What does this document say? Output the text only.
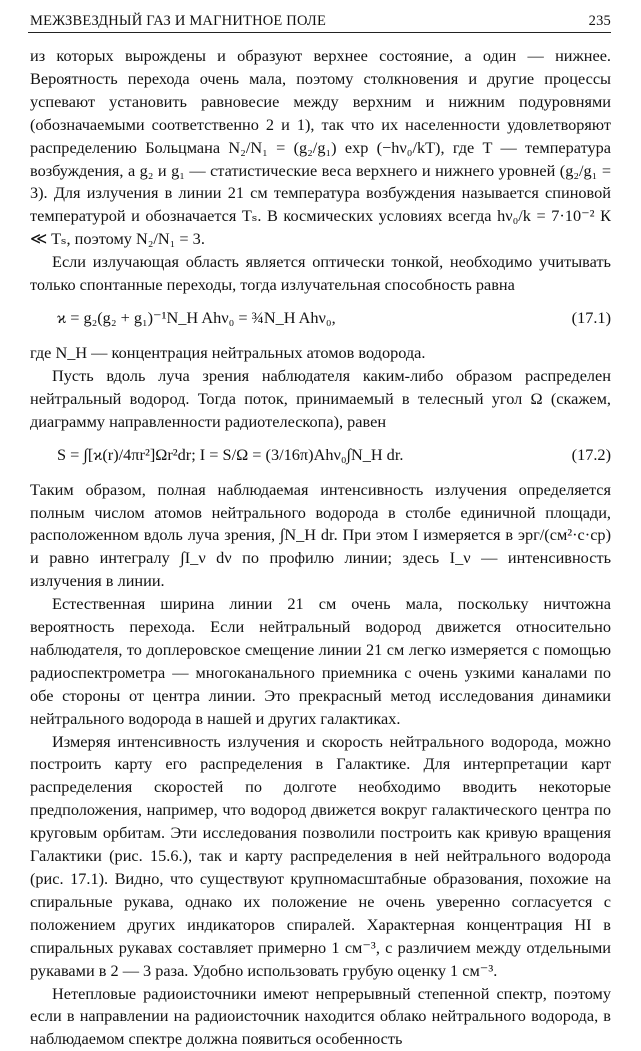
МЕЖЗВЕЗДНЫЙ ГАЗ И МАГНИТНОЕ ПОЛЕ	235

из которых вырождены и образуют верхнее состояние, а один — нижнее. Вероятность перехода очень мала, поэтому столкновения и другие процессы успевают установить равновесие между верхним и нижним подуровнями (обозначаемыми соответственно 2 и 1), так что их населенности удовлетворяют распределению Больцмана N₂/N₁ = (g₂/g₁) exp (−hν₀/kT), где T — температура возбуждения, а g₂ и g₁ — статистические веса верхнего и нижнего уровней (g₂/g₁ = 3). Для излучения в линии 21 см температура возбуждения называется спиновой температурой и обозначается Tₛ. В космических условиях всегда hν₀/k = 7·10⁻² К ≪ Tₛ, поэтому N₂/N₁ = 3.

Если излучающая область является оптически тонкой, необходимо учитывать только спонтанные переходы, тогда излучательная способность равна

ϰ = g₂(g₂ + g₁)⁻¹N_H Ahν₀ = ¾N_H Ahν₀,	(17.1)

где N_H — концентрация нейтральных атомов водорода.

Пусть вдоль луча зрения наблюдателя каким-либо образом распределен нейтральный водород. Тогда поток, принимаемый в телесный угол Ω (скажем, диаграмму направленности радиотелескопа), равен

S = ∫[ϰ(r)/4πr²]Ωr²dr; I = S/Ω = (3/16π)Ahν₀∫N_H dr.	(17.2)

Таким образом, полная наблюдаемая интенсивность излучения определяется полным числом атомов нейтрального водорода в столбе единичной площади, расположенном вдоль луча зрения, ∫N_H dr. При этом I измеряется в эрг/(см²·с·ср) и равно интегралу ∫I_ν dν по профилю линии; здесь I_ν — интенсивность излучения в линии.

Естественная ширина линии 21 см очень мала, поскольку ничтожна вероятность перехода. Если нейтральный водород движется относительно наблюдателя, то доплеровское смещение линии 21 см легко измеряется с помощью радиоспектрометра — многоканального приемника с очень узкими каналами по обе стороны от центра линии. Это прекрасный метод исследования динамики нейтрального водорода в нашей и других галактиках.

Измеряя интенсивность излучения и скорость нейтрального водорода, можно построить карту его распределения в Галактике. Для интерпретации карт распределения скоростей по долготе необходимо вводить некоторые предположения, например, что водород движется вокруг галактического центра по круговым орбитам. Эти исследования позволили построить как кривую вращения Галактики (рис. 15.6.), так и карту распределения в ней нейтрального водорода (рис. 17.1). Видно, что существуют крупномасштабные образования, похожие на спиральные рукава, однако их положение не очень уверенно согласуется с положением других индикаторов спиралей. Характерная концентрация HI в спиральных рукавах составляет примерно 1 см⁻³, с различием между отдельными рукавами в 2 — 3 раза. Удобно использовать грубую оценку 1 см⁻³.

Нетепловые радиоисточники имеют непрерывный степенной спектр, поэтому если в направлении на радиоисточник находится облако нейтрального водорода, в наблюдаемом спектре должна появиться особенность
